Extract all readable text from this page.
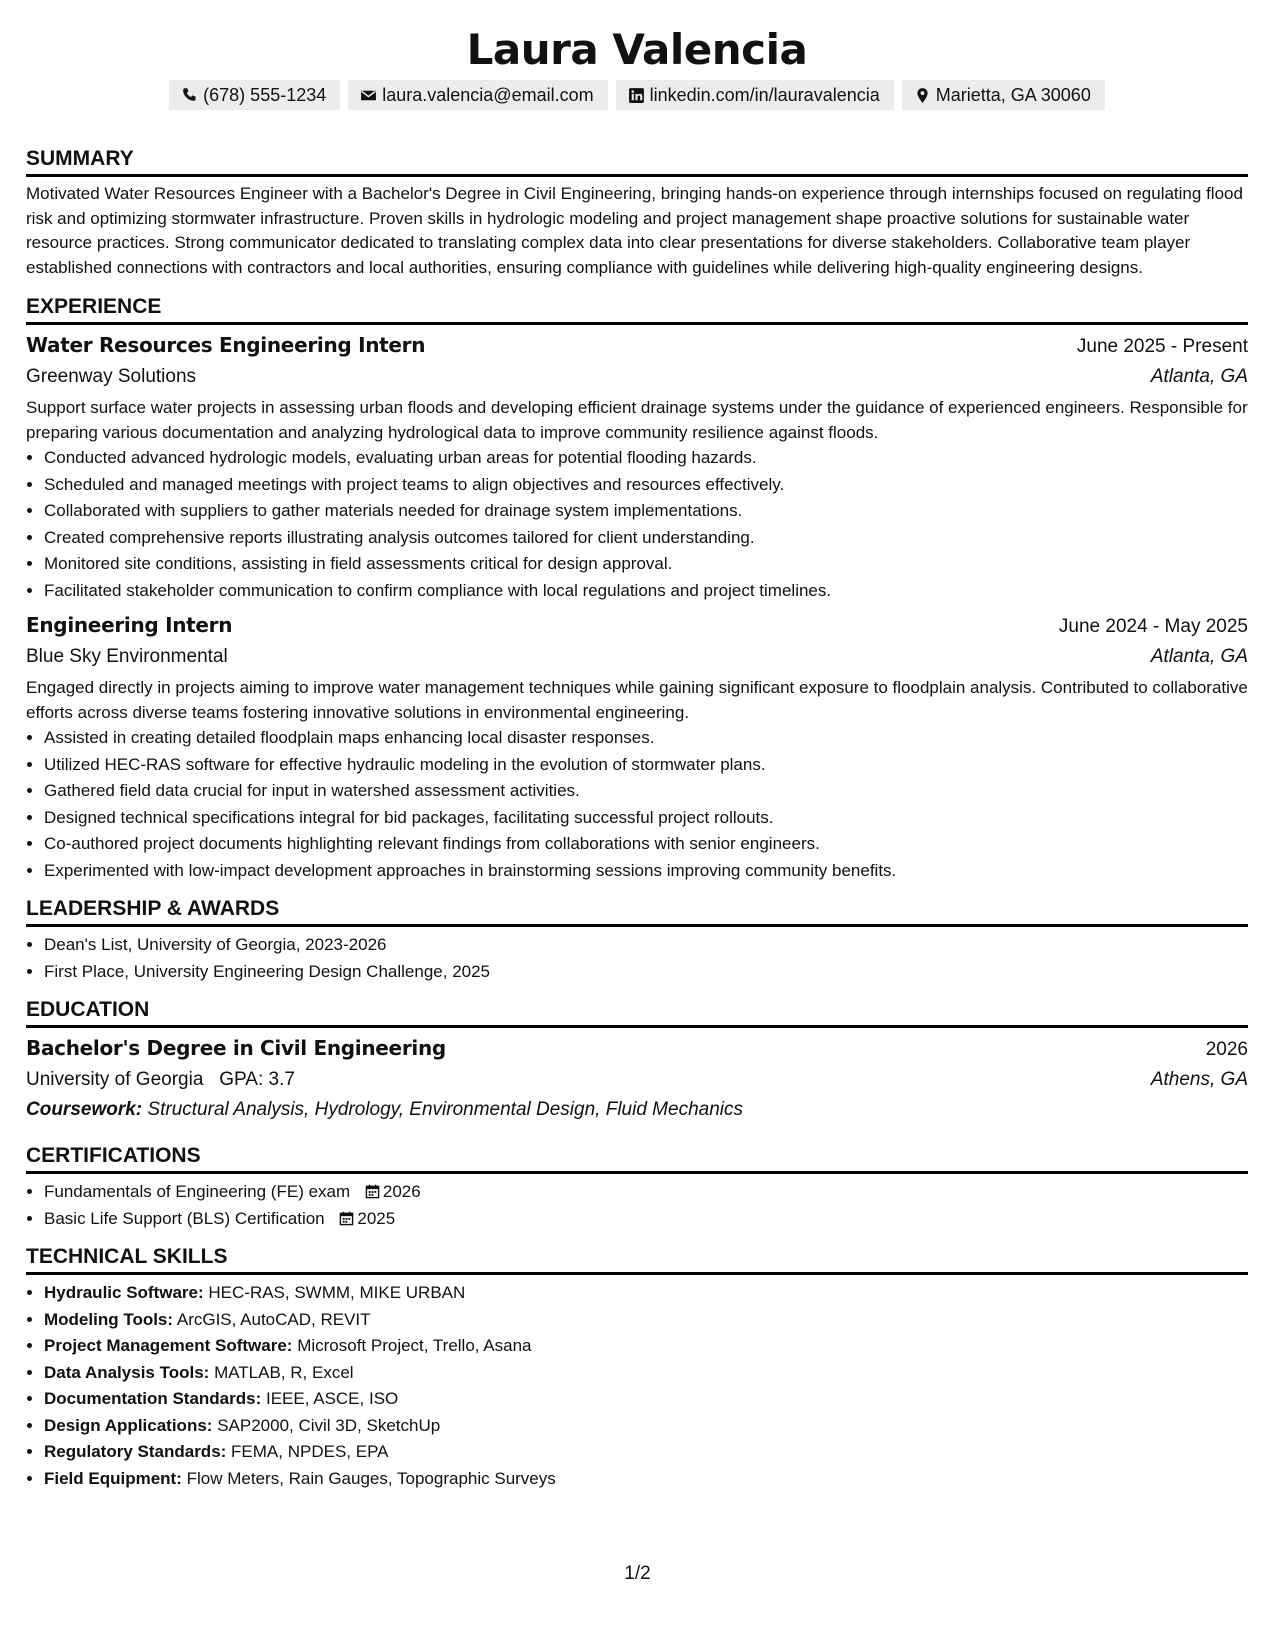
Laura Valencia
(678) 555-1234	laura.valencia@email.com	linkedin.com/in/lauravalencia	Marietta, GA 30060
SUMMARY
Motivated Water Resources Engineer with a Bachelor's Degree in Civil Engineering, bringing hands-on experience through internships focused on regulating flood risk and optimizing stormwater infrastructure. Proven skills in hydrologic modeling and project management shape proactive solutions for sustainable water resource practices. Strong communicator dedicated to translating complex data into clear presentations for diverse stakeholders. Collaborative team player established connections with contractors and local authorities, ensuring compliance with guidelines while delivering high-quality engineering designs.
EXPERIENCE
Water Resources Engineering Intern	June 2025 - Present
Greenway Solutions	Atlanta, GA
Support surface water projects in assessing urban floods and developing efficient drainage systems under the guidance of experienced engineers. Responsible for preparing various documentation and analyzing hydrological data to improve community resilience against floods.
• Conducted advanced hydrologic models, evaluating urban areas for potential flooding hazards.
• Scheduled and managed meetings with project teams to align objectives and resources effectively.
• Collaborated with suppliers to gather materials needed for drainage system implementations.
• Created comprehensive reports illustrating analysis outcomes tailored for client understanding.
• Monitored site conditions, assisting in field assessments critical for design approval.
• Facilitated stakeholder communication to confirm compliance with local regulations and project timelines.
Engineering Intern	June 2024 - May 2025
Blue Sky Environmental	Atlanta, GA
Engaged directly in projects aiming to improve water management techniques while gaining significant exposure to floodplain analysis. Contributed to collaborative efforts across diverse teams fostering innovative solutions in environmental engineering.
• Assisted in creating detailed floodplain maps enhancing local disaster responses.
• Utilized HEC-RAS software for effective hydraulic modeling in the evolution of stormwater plans.
• Gathered field data crucial for input in watershed assessment activities.
• Designed technical specifications integral for bid packages, facilitating successful project rollouts.
• Co-authored project documents highlighting relevant findings from collaborations with senior engineers.
• Experimented with low-impact development approaches in brainstorming sessions improving community benefits.
LEADERSHIP & AWARDS
• Dean's List, University of Georgia, 2023-2026
• First Place, University Engineering Design Challenge, 2025
EDUCATION
Bachelor's Degree in Civil Engineering	2026
University of Georgia GPA: 3.7	Athens, GA
Coursework: Structural Analysis, Hydrology, Environmental Design, Fluid Mechanics
CERTIFICATIONS
• Fundamentals of Engineering (FE) exam 2026
• Basic Life Support (BLS) Certification 2025
TECHNICAL SKILLS
• Hydraulic Software: HEC-RAS, SWMM, MIKE URBAN
• Modeling Tools: ArcGIS, AutoCAD, REVIT
• Project Management Software: Microsoft Project, Trello, Asana
• Data Analysis Tools: MATLAB, R, Excel
• Documentation Standards: IEEE, ASCE, ISO
• Design Applications: SAP2000, Civil 3D, SketchUp
• Regulatory Standards: FEMA, NPDES, EPA
• Field Equipment: Flow Meters, Rain Gauges, Topographic Surveys
1/2
